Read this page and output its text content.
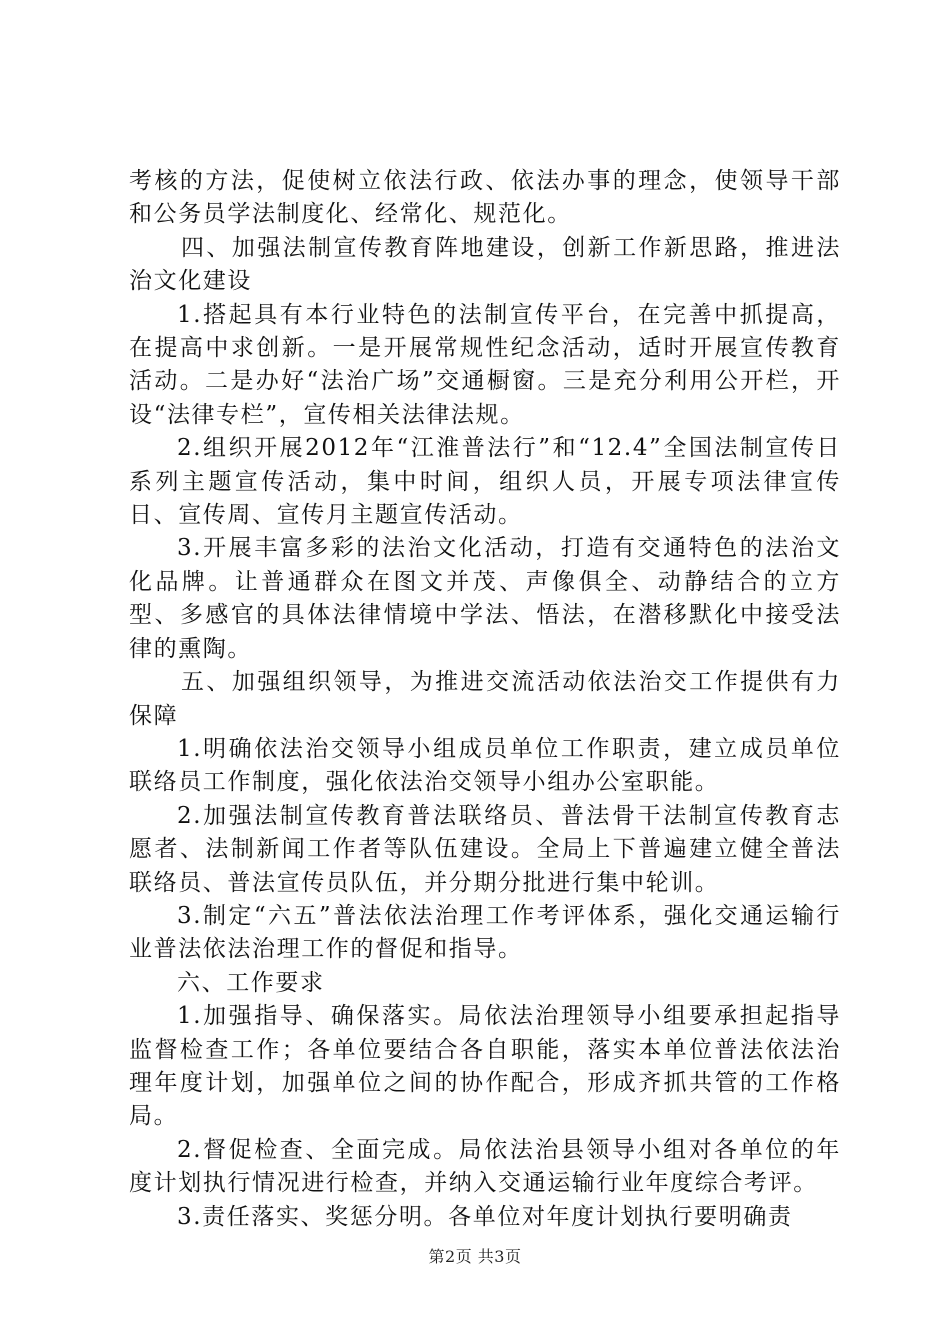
考核的方法，促使树立依法行政、依法办事的理念，使领导干部和公务员学法制度化、经常化、规范化。

四、加强法制宣传教育阵地建设，创新工作新思路，推进法治文化建设

1.搭起具有本行业特色的法制宣传平台，在完善中抓提高，在提高中求创新。一是开展常规性纪念活动，适时开展宣传教育活动。二是办好“法治广场”交通橱窗。三是充分利用公开栏，开设“法律专栏”，宣传相关法律法规。

2.组织开展2012年“江淮普法行”和“12.4”全国法制宣传日系列主题宣传活动，集中时间，组织人员，开展专项法律宣传日、宣传周、宣传月主题宣传活动。

3.开展丰富多彩的法治文化活动，打造有交通特色的法治文化品牌。让普通群众在图文并茂、声像俱全、动静结合的立方型、多感官的具体法律情境中学法、悟法，在潜移默化中接受法律的熏陶。

五、加强组织领导，为推进交流活动依法治交工作提供有力保障

1.明确依法治交领导小组成员单位工作职责，建立成员单位联络员工作制度，强化依法治交领导小组办公室职能。

2.加强法制宣传教育普法联络员、普法骨干法制宣传教育志愿者、法制新闻工作者等队伍建设。全局上下普遍建立健全普法联络员、普法宣传员队伍，并分期分批进行集中轮训。

3.制定“六五”普法依法治理工作考评体系，强化交通运输行业普法依法治理工作的督促和指导。

六、工作要求

1.加强指导、确保落实。局依法治理领导小组要承担起指导监督检查工作；各单位要结合各自职能，落实本单位普法依法治理年度计划，加强单位之间的协作配合，形成齐抓共管的工作格局。

2.督促检查、全面完成。局依法治县领导小组对各单位的年度计划执行情况进行检查，并纳入交通运输行业年度综合考评。

3.责任落实、奖惩分明。各单位对年度计划执行要明确责

第2页 共3页
